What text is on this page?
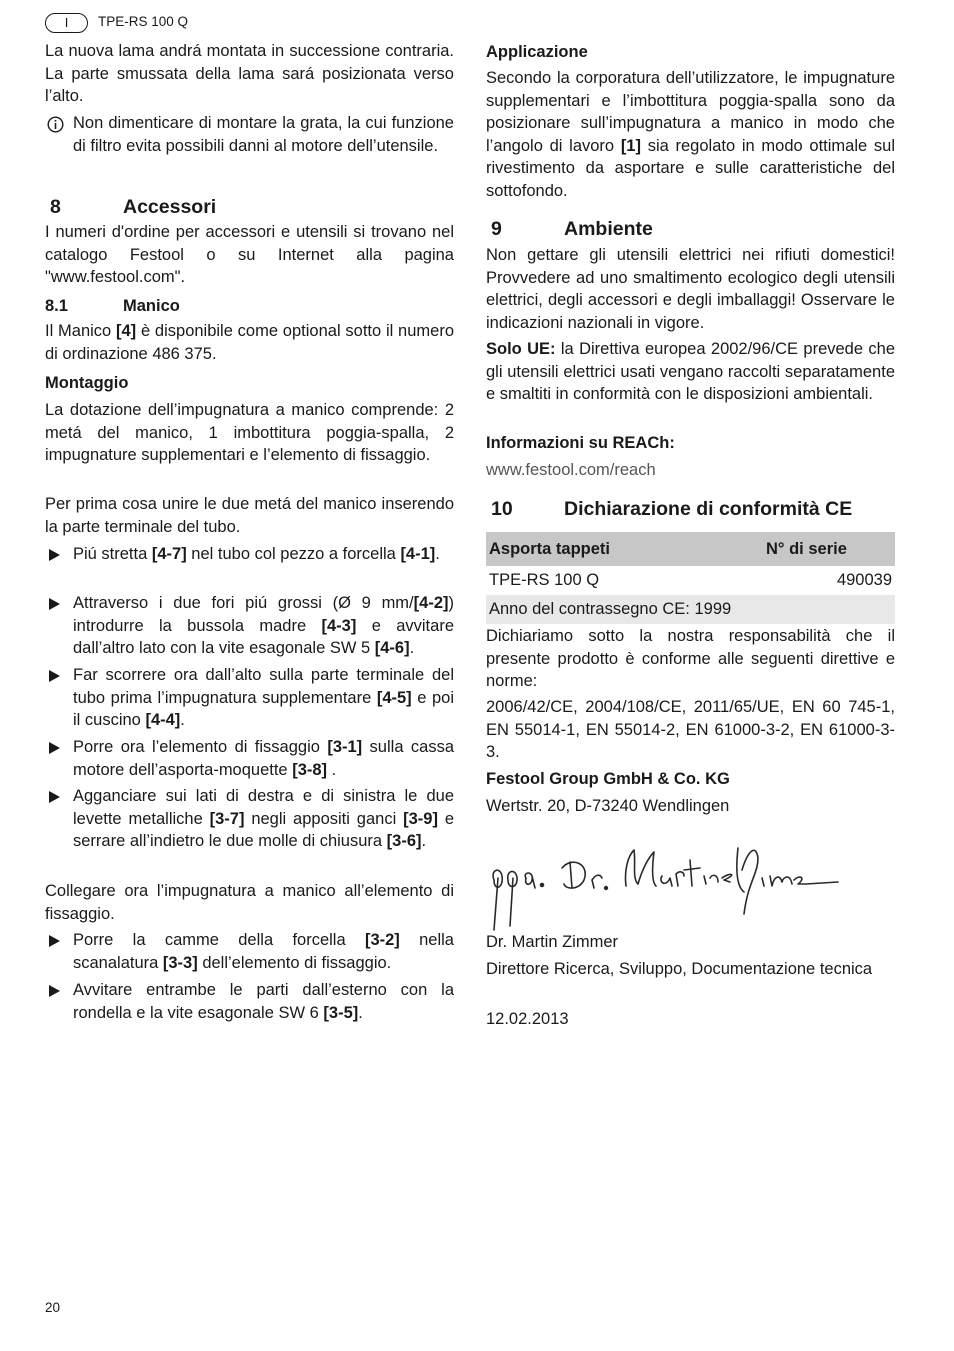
I	TPE-RS 100 Q

La nuova lama andrá montata in successione contraria. La parte smussata della lama sará posizionata verso l’alto.

Non dimenticare di montare la grata, la cui funzione di filtro evita possibili danni al motore dell’utensile.

8	Accessori

I numeri d'ordine per accessori e utensili si trovano nel catalogo Festool o su Internet alla pagina "www.festool.com".

8.1	Manico

Il Manico [4] è disponibile come optional sotto il numero di ordinazione 486 375.

Montaggio

La dotazione dell’impugnatura a manico comprende: 2 metá del manico, 1 imbottitura poggia-spalla, 2 impugnature supplementari e l’elemento di fissaggio.

Per prima cosa unire le due metá del manico inserendo la parte terminale del tubo.

Piú stretta [4-7] nel tubo col pezzo a forcella [4-1].
Attraverso i due fori piú grossi (Ø 9 mm/[4-2]) introdurre la bussola madre [4-3] e avvitare dall’altro lato con la vite esagonale SW 5 [4-6].
Far scorrere ora dall’alto sulla parte terminale del tubo prima l’impugnatura supplementare [4-5] e poi il cuscino [4-4].
Porre ora l’elemento di fissaggio [3-1] sulla cassa motore dell’asporta-moquette [3-8] .
Agganciare sui lati di destra e di sinistra le due levette metalliche [3-7] negli appositi ganci [3-9] e serrare all’indietro le due molle di chiusura [3-6].

Collegare ora l’impugnatura a manico all’elemento di fissaggio.

Porre la camme della forcella [3-2] nella scanalatura [3-3] dell’elemento di fissaggio.
Avvitare entrambe le parti dall’esterno con la rondella e la vite esagonale SW 6 [3-5].
Applicazione

Secondo la corporatura dell’utilizzatore, le impugnature supplementari e l’imbottitura poggia-spalla sono da posizionare sull’impugnatura a manico in modo che l’angolo di lavoro [1] sia regolato in modo ottimale sul rivestimento da asportare e sulle caratteristiche del sottofondo.

9	Ambiente

Non gettare gli utensili elettrici nei rifiuti domestici! Provvedere ad uno smaltimento ecologico degli utensili elettrici, degli accessori e degli imballaggi! Osservare le indicazioni nazionali in vigore.

Solo UE: la Direttiva europea 2002/96/CE prevede che gli utensili elettrici usati vengano raccolti separatamente e smaltiti in conformità con le disposizioni ambientali.

Informazioni su REACh:
www.festool.com/reach
10	Dichiarazione di conformità CE
Asporta tappeti	N° di serie
TPE-RS 100 Q	490039
Anno del contrassegno CE: 1999	

Dichiariamo sotto la nostra responsabilità che il presente prodotto è conforme alle seguenti direttive e norme:

2006/42/CE, 2004/108/CE, 2011/65/UE, EN 60 745-1, EN 55014-1, EN 55014-2, EN 61000-3-2, EN 61000-3-3.

Festool Group GmbH & Co. KG
Wertstr. 20, D-73240 Wendlingen
Dr. Martin Zimmer

Direttore Ricerca, Sviluppo, Documentazione tecnica

12.02.2013
20
